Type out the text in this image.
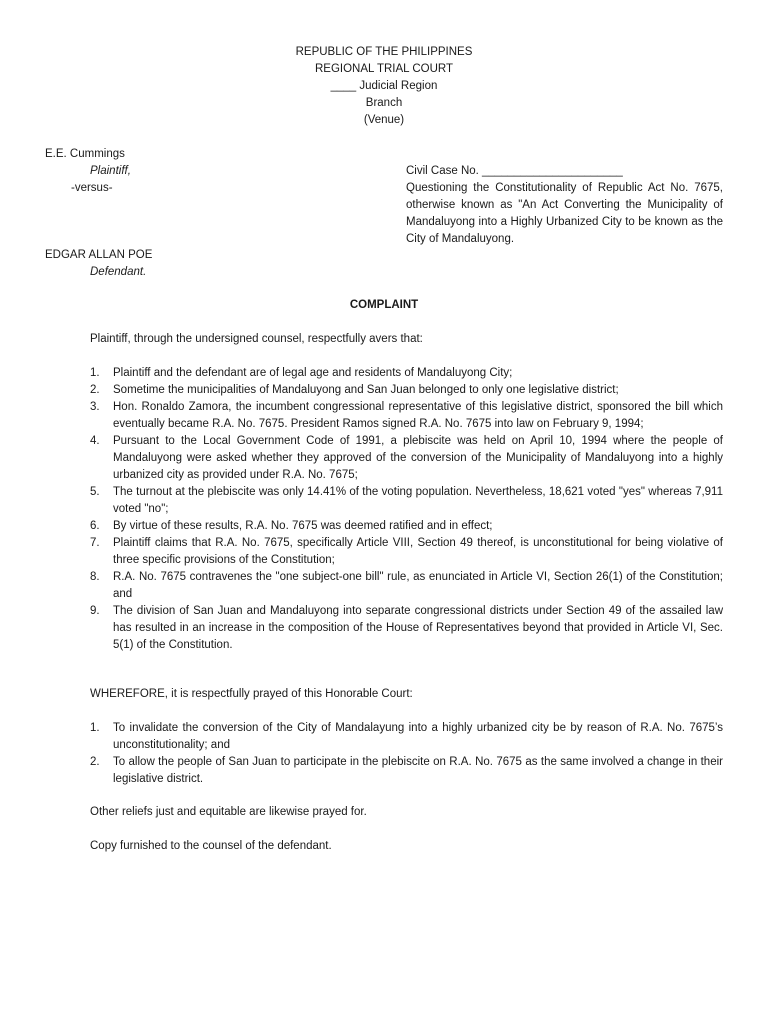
REPUBLIC OF THE PHILIPPINES
REGIONAL TRIAL COURT
____ Judicial Region
Branch
(Venue)
E.E. Cummings
Plaintiff,
-versus-
Civil Case No. ______________________
Questioning the Constitutionality of Republic Act No. 7675, otherwise known as "An Act Converting the Municipality of Mandaluyong into a Highly Urbanized City to be known as the City of Mandaluyong.
EDGAR ALLAN POE
Defendant.
COMPLAINT
Plaintiff, through the undersigned counsel, respectfully avers that:
1. Plaintiff and the defendant are of legal age and residents of Mandaluyong City;
2. Sometime the municipalities of Mandaluyong and San Juan belonged to only one legislative district;
3. Hon. Ronaldo Zamora, the incumbent congressional representative of this legislative district, sponsored the bill which eventually became R.A. No. 7675. President Ramos signed R.A. No. 7675 into law on February 9, 1994;
4. Pursuant to the Local Government Code of 1991, a plebiscite was held on April 10, 1994 where the people of Mandaluyong were asked whether they approved of the conversion of the Municipality of Mandaluyong into a highly urbanized city as provided under R.A. No. 7675;
5. The turnout at the plebiscite was only 14.41% of the voting population. Nevertheless, 18,621 voted "yes" whereas 7,911 voted "no";
6. By virtue of these results, R.A. No. 7675 was deemed ratified and in effect;
7. Plaintiff claims that R.A. No. 7675, specifically Article VIII, Section 49 thereof, is unconstitutional for being violative of three specific provisions of the Constitution;
8. R.A. No. 7675 contravenes the "one subject-one bill" rule, as enunciated in Article VI, Section 26(1) of the Constitution; and
9. The division of San Juan and Mandaluyong into separate congressional districts under Section 49 of the assailed law has resulted in an increase in the composition of the House of Representatives beyond that provided in Article VI, Sec. 5(1) of the Constitution.
WHEREFORE, it is respectfully prayed of this Honorable Court:
1. To invalidate the conversion of the City of Mandalayung into a highly urbanized city be by reason of R.A. No. 7675’s unconstitutionality; and
2. To allow the people of San Juan to participate in the plebiscite on R.A. No. 7675 as the same involved a change in their legislative district.
Other reliefs just and equitable are likewise prayed for.
Copy furnished to the counsel of the defendant.
